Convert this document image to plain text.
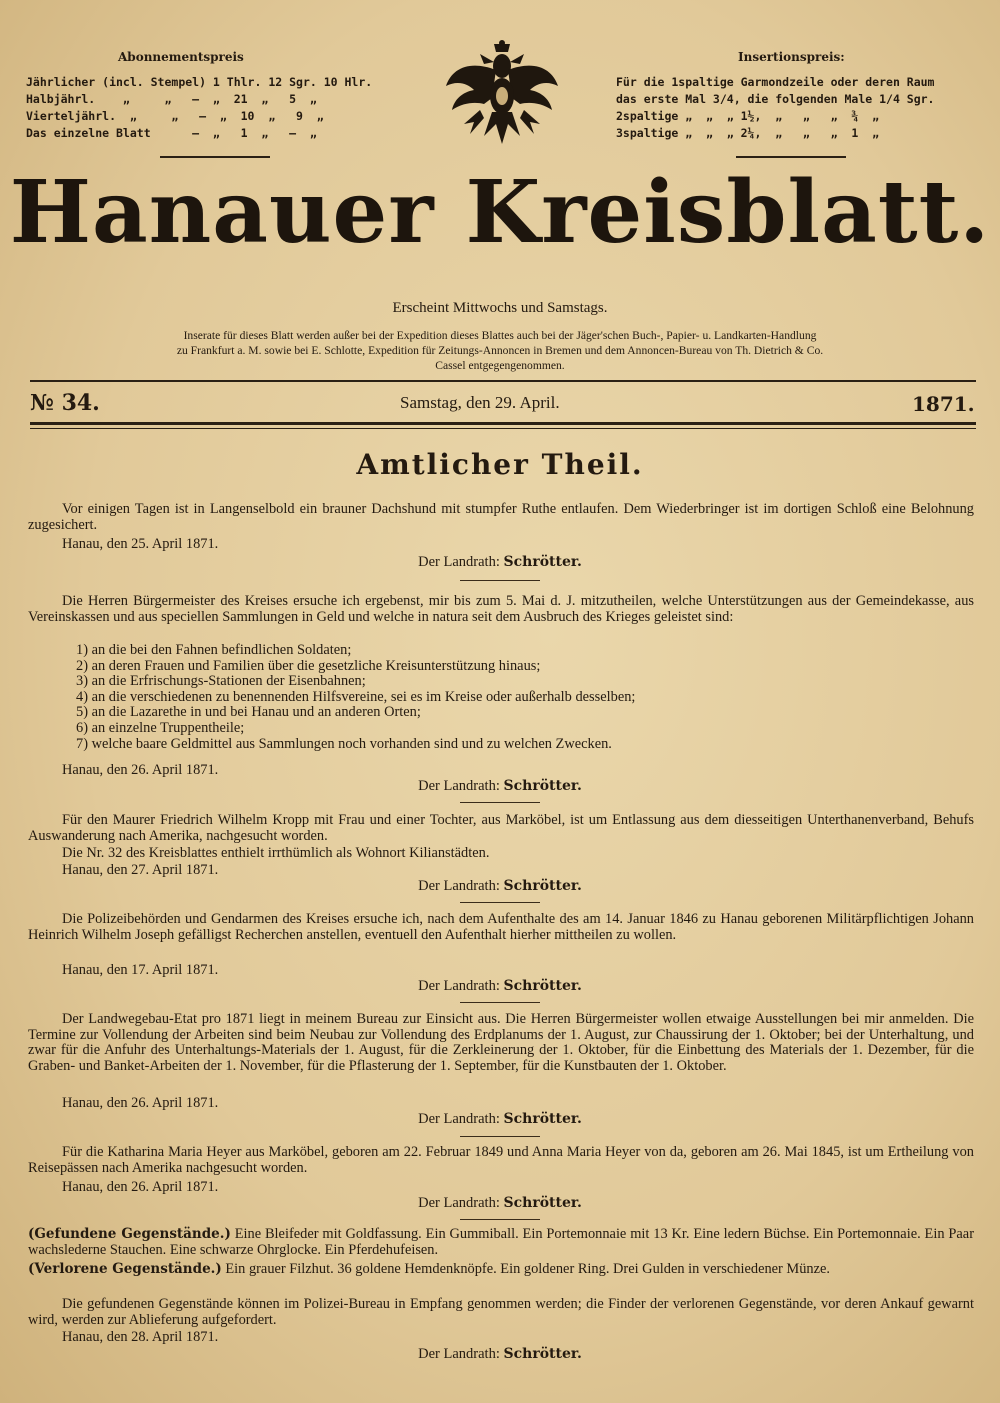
Abonnementspreis
Jährlicher (incl. Stempel) 1 Thlr. 12 Sgr. 10 Hlr.
Halbjährl.    „     „   —  „  21  „   5  „
Vierteljährl.  „     „   —  „  10  „   9  „
Das einzelne Blatt      —  „   1  „   —  „
Insertionspreis:
Für die 1spaltige Garmondzeile oder deren Raum
das erste Mal 3/4, die folgenden Male 1/4 Sgr.
2spaltige „  „  „ 1½,  „   „   „  ¾  „
3spaltige „  „  „ 2¼,  „   „   „  1  „
Hanauer Kreisblatt.
Erscheint Mittwochs und Samstags.
Inserate für dieses Blatt werden außer bei der Expedition dieses Blattes auch bei der Jäger'schen Buch-, Papier- u. Landkarten-Handlung
zu Frankfurt a. M. sowie bei E. Schlotte, Expedition für Zeitungs-Annoncen in Bremen und dem Annoncen-Bureau von Th. Dietrich & Co.
Cassel entgegengenommen.
№ 34.	Samstag, den 29. April.	1871.
Amtlicher Theil.
Vor einigen Tagen ist in Langenselbold ein brauner Dachshund mit stumpfer Ruthe entlaufen. Dem Wiederbringer ist im dortigen Schloß eine Belohnung zugesichert.
Hanau, den 25. April 1871.
Der Landrath: Schrötter.
Die Herren Bürgermeister des Kreises ersuche ich ergebenst, mir bis zum 5. Mai d. J. mitzutheilen, welche Unterstützungen aus der Gemeindekasse, aus Vereinskassen und aus speciellen Sammlungen in Geld und welche in natura seit dem Ausbruch des Krieges geleistet sind:
1) an die bei den Fahnen befindlichen Soldaten;
2) an deren Frauen und Familien über die gesetzliche Kreisunterstützung hinaus;
3) an die Erfrischungs-Stationen der Eisenbahnen;
4) an die verschiedenen zu benennenden Hilfsvereine, sei es im Kreise oder außerhalb desselben;
5) an die Lazarethe in und bei Hanau und an anderen Orten;
6) an einzelne Truppentheile;
7) welche baare Geldmittel aus Sammlungen noch vorhanden sind und zu welchen Zwecken.
Hanau, den 26. April 1871.
Der Landrath: Schrötter.
Für den Maurer Friedrich Wilhelm Kropp mit Frau und einer Tochter, aus Marköbel, ist um Entlassung aus dem diesseitigen Unterthanenverband, Behufs Auswanderung nach Amerika, nachgesucht worden.
Die Nr. 32 des Kreisblattes enthielt irrthümlich als Wohnort Kilianstädten.
Hanau, den 27. April 1871.
Der Landrath: Schrötter.
Die Polizeibehörden und Gendarmen des Kreises ersuche ich, nach dem Aufenthalte des am 14. Januar 1846 zu Hanau geborenen Militärpflichtigen Johann Heinrich Wilhelm Joseph gefälligst Recherchen anstellen, eventuell den Aufenthalt hierher mittheilen zu wollen.
Hanau, den 17. April 1871.
Der Landrath: Schrötter.
Der Landwegebau-Etat pro 1871 liegt in meinem Bureau zur Einsicht aus. Die Herren Bürgermeister wollen etwaige Ausstellungen bei mir anmelden. Die Termine zur Vollendung der Arbeiten sind beim Neubau zur Vollendung des Erdplanums der 1. August, zur Chaussirung der 1. Oktober; bei der Unterhaltung, und zwar für die Anfuhr des Unterhaltungs-Materials der 1. August, für die Zerkleinerung der 1. Oktober, für die Einbettung des Materials der 1. Dezember, für die Graben- und Banket-Arbeiten der 1. November, für die Pflasterung der 1. September, für die Kunstbauten der 1. Oktober.
Hanau, den 26. April 1871.
Der Landrath: Schrötter.
Für die Katharina Maria Heyer aus Marköbel, geboren am 22. Februar 1849 und Anna Maria Heyer von da, geboren am 26. Mai 1845, ist um Ertheilung von Reisepässen nach Amerika nachgesucht worden.
Hanau, den 26. April 1871.
Der Landrath: Schrötter.
(Gefundene Gegenstände.) Eine Bleifeder mit Goldfassung. Ein Gummiball. Ein Portemonnaie mit 13 Kr. Eine ledern Büchse. Ein Portemonnaie. Ein Paar wachslederne Stauchen. Eine schwarze Ohrglocke. Ein Pferdehufeisen.
(Verlorene Gegenstände.) Ein grauer Filzhut. 36 goldene Hemdenknöpfe. Ein goldener Ring. Drei Gulden in verschiedener Münze.
Die gefundenen Gegenstände können im Polizei-Bureau in Empfang genommen werden; die Finder der verlorenen Gegenstände, vor deren Ankauf gewarnt wird, werden zur Ablieferung aufgefordert.
Hanau, den 28. April 1871.
Der Landrath: Schrötter.
